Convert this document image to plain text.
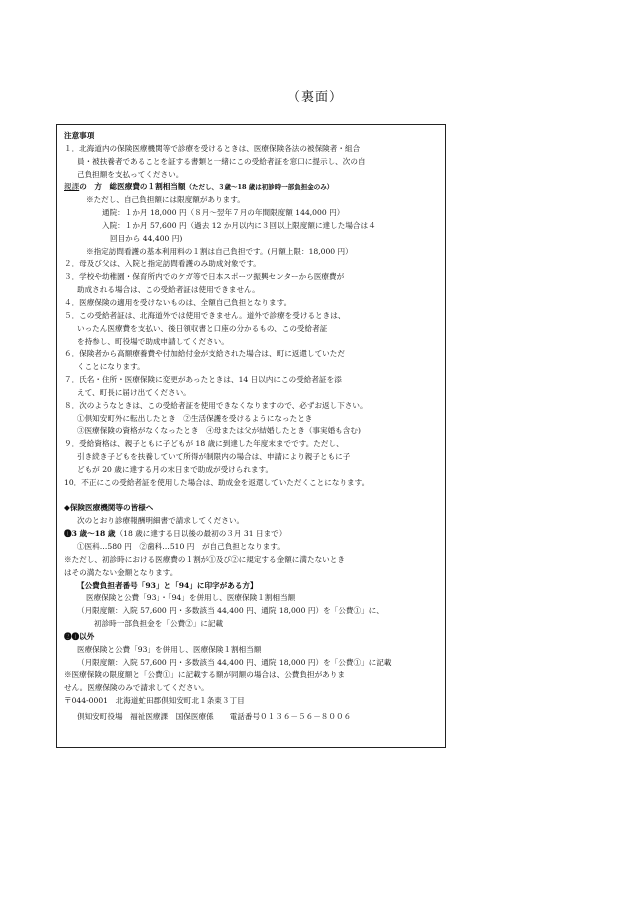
（裏面）
注意事項
１．北海道内の保険医療機関等で診療を受けるときは、医療保険各法の被保険者・組合
員・被扶養者であることを証する書類と一緒にこの受給者証を窓口に提示し、次の自
己負担額を支払ってください。
親課の　方　総医療費の１割相当額（ただし、３歳～18 歳は初診時一部負担金のみ）
※ただし、自己負担額には限度額があります。
通院：１か月 18,000 円（８月～翌年７月の年間限度額 144,000 円）
入院：１か月 57,600 円（過去 12 か月以内に３回以上限度額に達した場合は４
回目から 44,400 円)
※指定訪問看護の基本利用料の１割は自己負担です。(月額上限：18,000 円）
２．母及び父は、入院と指定訪問看護のみ助成対象です。
３．学校や幼稚園・保育所内でのケガ等で日本スポーツ振興センターから医療費が
助成される場合は、この受給者証は使用できません。
４．医療保険の適用を受けないものは、全額自己負担となります。
５．この受給者証は、北海道外では使用できません。道外で診療を受けるときは、
いったん医療費を支払い、後日領収書と口座の分かるもの、この受給者証
を持参し、町役場で助成申請してください。
６．保険者から高額療養費や付加給付金が支給された場合は、町に返還していただ
くことになります。
７．氏名・住所・医療保険に変更があったときは、14 日以内にこの受給者証を添
えて、町長に届け出てください。
８．次のようなときは、この受給者証を使用できなくなりますので、必ずお返し下さい。
①倶知安町外に転出したとき　②生活保護を受けるようになったとき
③医療保険の資格がなくなったとき　④母または父が結婚したとき（事実婚も含む)
９．受給資格は、親子ともに子どもが 18 歳に到達した年度末までです。ただし、
引き続き子どもを扶養していて所得が制限内の場合は、申請により親子ともに子
どもが 20 歳に達する月の末日まで助成が受けられます。
10．不正にこの受給者証を使用した場合は、助成金を返還していただくことになります。
◆保険医療機関等の皆様へ
次のとおり診療報酬明細書で請求してください。
❶3 歳～18 歳（18 歳に達する日以後の最初の３月 31 日まで）
①医科…580 円　②歯科…510 円　が自己負担となります。
※ただし、初診時における医療費の１割が①及び②に規定する金額に満たないとき
はその満たない金額となります。
【公費負担者番号「93」と「94」に印字がある方】
医療保険と公費「93」・「94」を併用し、医療保険１割相当額
（月限度額：入院 57,600 円・多数該当 44,400 円、通院 18,000 円）を「公費①」に、
初診時一部負担金を「公費②」に記載
❷❶以外
医療保険と公費「93」を併用し、医療保険１割相当額
（月限度額：入院 57,600 円・多数該当 44,400 円、通院 18,000 円）を「公費①」に記載
※医療保険の限度額と「公費①」に記載する額が同額の場合は、公費負担がありま
せん。医療保険のみで請求してください。
〒044-0001　北海道虻田郡倶知安町北１条東３丁目
倶知安町役場　福祉医療課　国保医療係 電話番号０１３６－５６－８００６
